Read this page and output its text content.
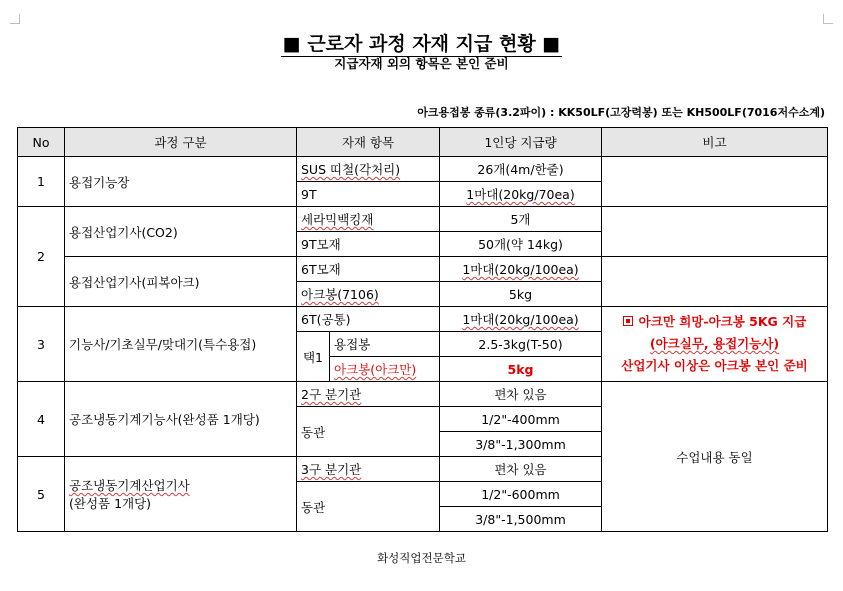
■ 근로자 과정 자재 지급 현황 ■
지급자재 외의 항목은 본인 준비
아크용접봉 종류(3.2파이) : KK50LF(고장력봉) 또는 KH500LF(7016저수소계)
No	과정 구분	자재 항목		1인당 지급량	비고
1	용접기능장	SUS 띠철(각처리)		26개(4m/한줄)	
		9T		1마대(20kg/70ea)	
2	용접산업기사(CO2)	세라믹백킹재		5개	
		9T모재		50개(약 14kg)	
	용접산업기사(피복아크)	6T모재		1마대(20kg/100ea)	
		아크봉(7106)		5kg	
3	기능사/기초실무/맞대기(특수용접)	6T(공통)		1마대(20kg/100ea)	아크만 희망-아크봉 5KG 지급
(아크실무, 용접기능사)
산업기사 이상은 아크봉 본인 준비

		택1	용접봉	2.5-3kg(T-50)	
			아크봉(아크만)	5kg	
4	공조냉동기계기능사(완성품 1개당)	2구 분기관		편차 있음	수업내용 동일
		동관		1/2"-400mm	
				3/8"-1,300mm	
5	공조냉동기계산업기사
(완성품 1개당)	3구 분기관		편차 있음	
		동관		1/2"-600mm	
				3/8"-1,500mm	
화성직업전문학교
